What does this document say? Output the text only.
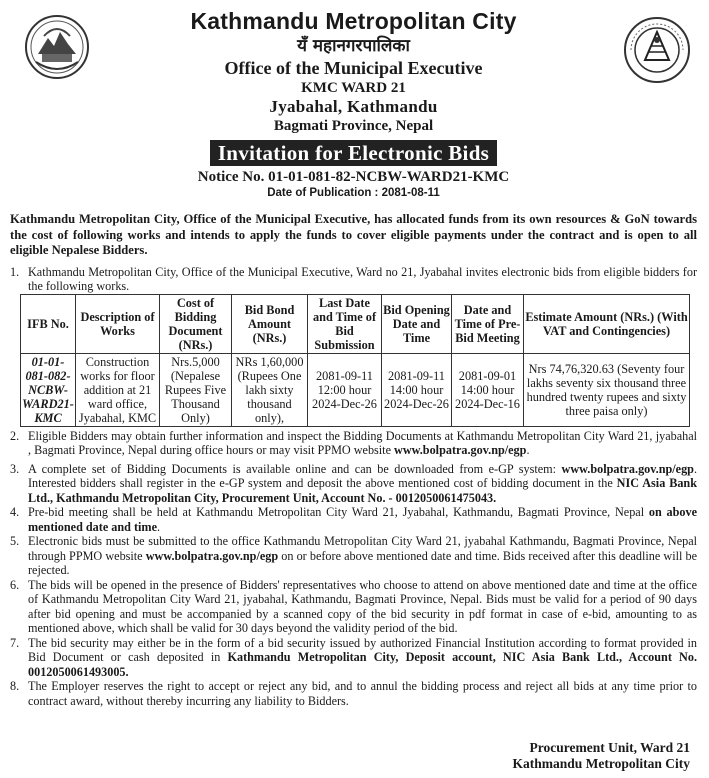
Kathmandu Metropolitan City
यँ महानगरपालिका
Office of the Municipal Executive
KMC WARD 21
Jyabahal, Kathmandu
Bagmati Province, Nepal
Invitation for Electronic Bids
Notice No. 01-01-081-82-NCBW-WARD21-KMC
Date of Publication : 2081-08-11
Kathmandu Metropolitan City, Office of the Municipal Executive, has allocated funds from its own resources & GoN towards the cost of following works and intends to apply the funds to cover eligible payments under the contract and is open to all eligible Nepalese Bidders.
1. Kathmandu Metropolitan City, Office of the Municipal Executive, Ward no 21, Jyabahal invites electronic bids from eligible bidders for the following works.
IFB No.	Description of Works	Cost of Bidding Document (NRs.)	Bid Bond Amount (NRs.)	Last Date and Time of Bid Submission	Bid Opening Date and Time	Date and Time of Pre-Bid Meeting	Estimate Amount (NRs.) (With VAT and Contingencies)
01-01-081-082-NCBW-WARD21-KMC	Construction works for floor addition at 21 ward office, Jyabahal, KMC	Nrs.5,000 (Nepalese Rupees Five Thousand Only)	NRs 1,60,000 (Rupees One lakh sixty thousand only),	2081-09-11 12:00 hour 2024-Dec-26	2081-09-11 14:00 hour 2024-Dec-26	2081-09-01 14:00 hour 2024-Dec-16	Nrs 74,76,320.63 (Seventy four lakhs seventy six thousand three hundred twenty rupees and sixty three paisa only)
2. Eligible Bidders may obtain further information and inspect the Bidding Documents at Kathmandu Metropolitan City Ward 21, jyabahal , Bagmati Province, Nepal during office hours or may visit PPMO website www.bolpatra.gov.np/egp.
3. A complete set of Bidding Documents is available online and can be downloaded from e-GP system: www.bolpatra.gov.np/egp. Interested bidders shall register in the e-GP system and deposit the above mentioned cost of bidding document in the NIC Asia Bank Ltd., Kathmandu Metropolitan City, Procurement Unit, Account No. - 0012050061475043.
4. Pre-bid meeting shall be held at Kathmandu Metropolitan City Ward 21, Jyabahal, Kathmandu, Bagmati Province, Nepal on above mentioned date and time.
5. Electronic bids must be submitted to the office Kathmandu Metropolitan City Ward 21, jyabahal Kathmandu, Bagmati Province, Nepal through PPMO website www.bolpatra.gov.np/egp on or before above mentioned date and time. Bids received after this deadline will be rejected.
6. The bids will be opened in the presence of Bidders' representatives who choose to attend on above mentioned date and time at the office of Kathmandu Metropolitan City Ward 21, jyabahal, Kathmandu, Bagmati Province, Nepal. Bids must be valid for a period of 90 days after bid opening and must be accompanied by a scanned copy of the bid security in pdf format in case of e-bid, amounting to as mentioned above, which shall be valid for 30 days beyond the validity period of the bid.
7. The bid security may either be in the form of a bid security issued by authorized Financial Institution according to format provided in Bid Document or cash deposited in Kathmandu Metropolitan City, Deposit account, NIC Asia Bank Ltd., Account No. 0012050061493005.
8. The Employer reserves the right to accept or reject any bid, and to annul the bidding process and reject all bids at any time prior to contract award, without thereby incurring any liability to Bidders.
Procurement Unit, Ward 21
Kathmandu Metropolitan City
